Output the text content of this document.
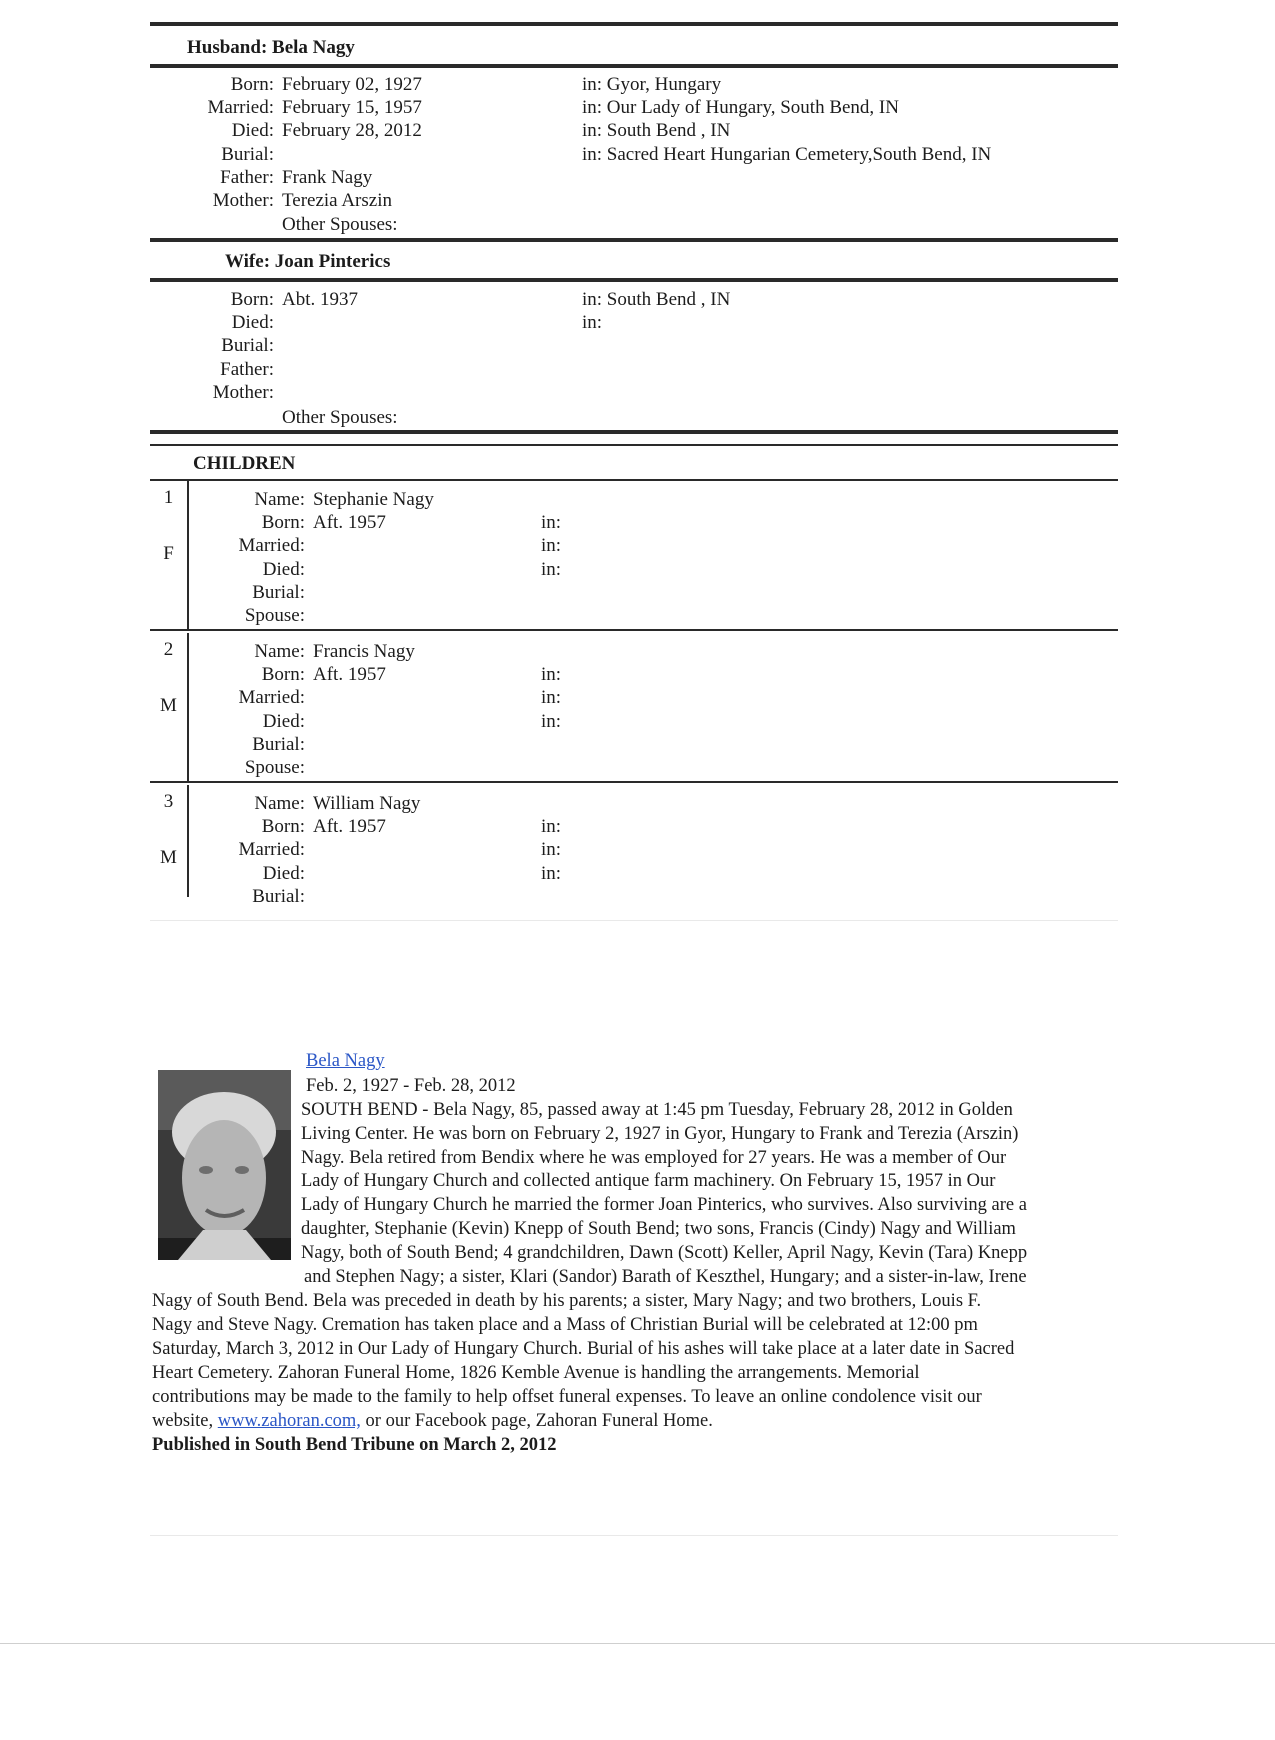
Husband: Bela Nagy
Born: February 02, 1927	in: Gyor, Hungary
Married: February 15, 1957	in: Our Lady of Hungary, South Bend, IN
Died: February 28, 2012	in: South Bend , IN
Burial:	in: Sacred Heart Hungarian Cemetery,South Bend, IN
Father: Frank Nagy
Mother: Terezia Arszin
Other Spouses:
Wife: Joan Pinterics
Born: Abt. 1937	in: South Bend , IN
Died:	in:
Burial:
Father:
Mother:
Other Spouses:
CHILDREN
1
F
Name: Stephanie Nagy
Born: Aft. 1957	in:
Married:	in:
Died:	in:
Burial:
Spouse:
2
M
Name: Francis Nagy
Born: Aft. 1957	in:
Married:	in:
Died:	in:
Burial:
Spouse:
3
M
Name: William Nagy
Born: Aft. 1957	in:
Married:	in:
Died:	in:
Burial:
Bela Nagy
Feb. 2, 1927 - Feb. 28, 2012
SOUTH BEND - Bela Nagy, 85, passed away at 1:45 pm Tuesday, February 28, 2012 in Golden
Living Center. He was born on February 2, 1927 in Gyor, Hungary to Frank and Terezia (Arszin)
Nagy. Bela retired from Bendix where he was employed for 27 years. He was a member of Our
Lady of Hungary Church and collected antique farm machinery. On February 15, 1957 in Our
Lady of Hungary Church he married the former Joan Pinterics, who survives. Also surviving are a
daughter, Stephanie (Kevin) Knepp of South Bend; two sons, Francis (Cindy) Nagy and William
Nagy, both of South Bend; 4 grandchildren, Dawn (Scott) Keller, April Nagy, Kevin (Tara) Knepp
and Stephen Nagy; a sister, Klari (Sandor) Barath of Keszthel, Hungary; and a sister-in-law, Irene
Nagy of South Bend. Bela was preceded in death by his parents; a sister, Mary Nagy; and two brothers, Louis F.
Nagy and Steve Nagy. Cremation has taken place and a Mass of Christian Burial will be celebrated at 12:00 pm
Saturday, March 3, 2012 in Our Lady of Hungary Church. Burial of his ashes will take place at a later date in Sacred
Heart Cemetery. Zahoran Funeral Home, 1826 Kemble Avenue is handling the arrangements. Memorial
contributions may be made to the family to help offset funeral expenses. To leave an online condolence visit our
website, www.zahoran.com, or our Facebook page, Zahoran Funeral Home.
Published in South Bend Tribune on March 2, 2012
